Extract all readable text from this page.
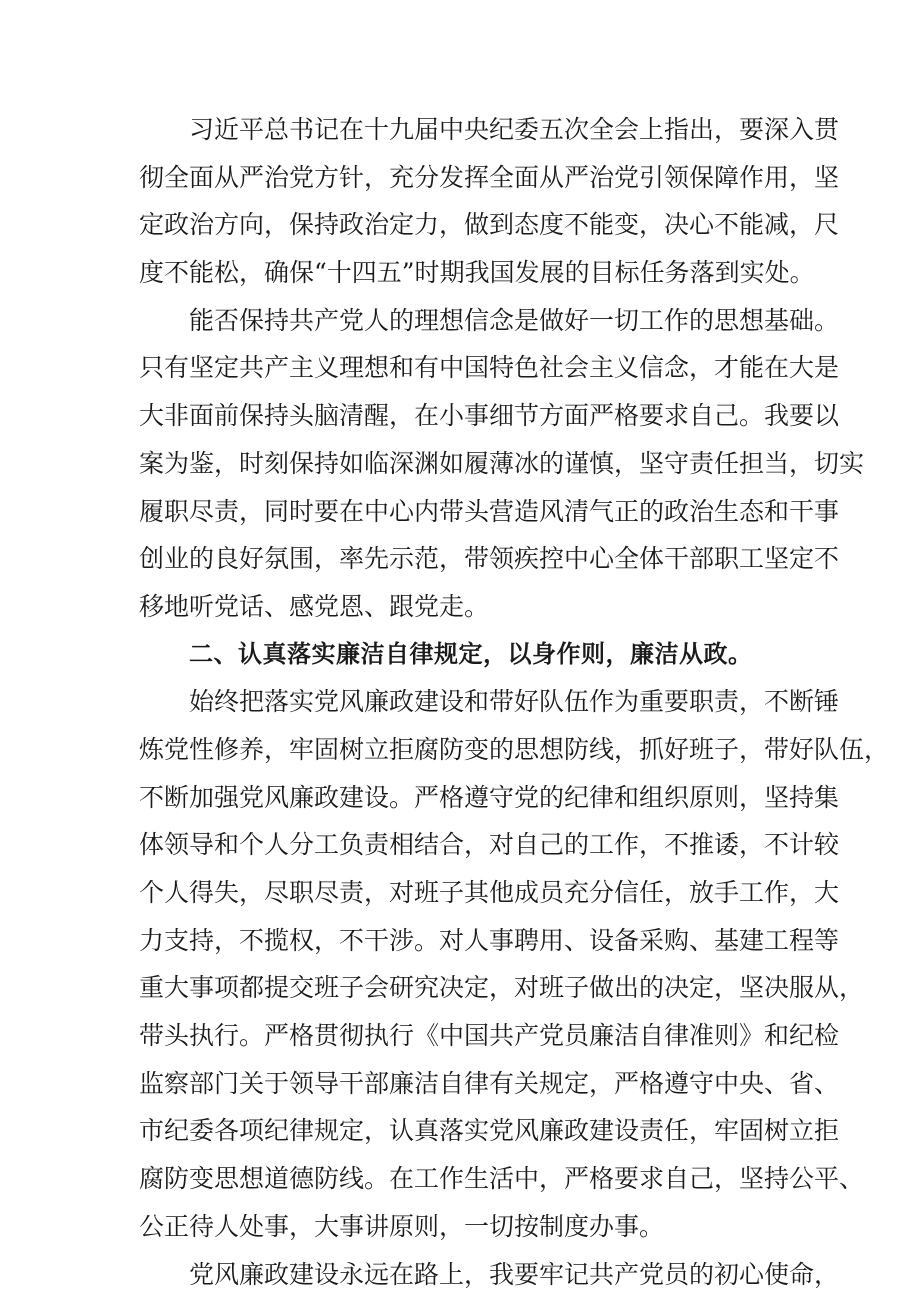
习近平总书记在十九届中央纪委五次全会上指出，要深入贯
彻全面从严治党方针，充分发挥全面从严治党引领保障作用，坚
定政治方向，保持政治定力，做到态度不能变，决心不能减，尺
度不能松，确保“十四五”时期我国发展的目标任务落到实处。
能否保持共产党人的理想信念是做好一切工作的思想基础。
只有坚定共产主义理想和有中国特色社会主义信念，才能在大是
大非面前保持头脑清醒，在小事细节方面严格要求自己。我要以
案为鉴，时刻保持如临深渊如履薄冰的谨慎，坚守责任担当，切实
履职尽责，同时要在中心内带头营造风清气正的政治生态和干事
创业的良好氛围，率先示范，带领疾控中心全体干部职工坚定不
移地听党话、感党恩、跟党走。
二、认真落实廉洁自律规定，以身作则，廉洁从政。
始终把落实党风廉政建设和带好队伍作为重要职责，不断锤
炼党性修养，牢固树立拒腐防变的思想防线，抓好班子，带好队伍，
不断加强党风廉政建设。严格遵守党的纪律和组织原则，坚持集
体领导和个人分工负责相结合，对自己的工作，不推诿，不计较
个人得失，尽职尽责，对班子其他成员充分信任，放手工作，大
力支持，不揽权，不干涉。对人事聘用、设备采购、基建工程等
重大事项都提交班子会研究决定，对班子做出的决定，坚决服从，
带头执行。严格贯彻执行《中国共产党员廉洁自律准则》和纪检
监察部门关于领导干部廉洁自律有关规定，严格遵守中央、省、
市纪委各项纪律规定，认真落实党风廉政建设责任，牢固树立拒
腐防变思想道德防线。在工作生活中，严格要求自己，坚持公平、
公正待人处事，大事讲原则，一切按制度办事。
党风廉政建设永远在路上，我要牢记共产党员的初心使命，
